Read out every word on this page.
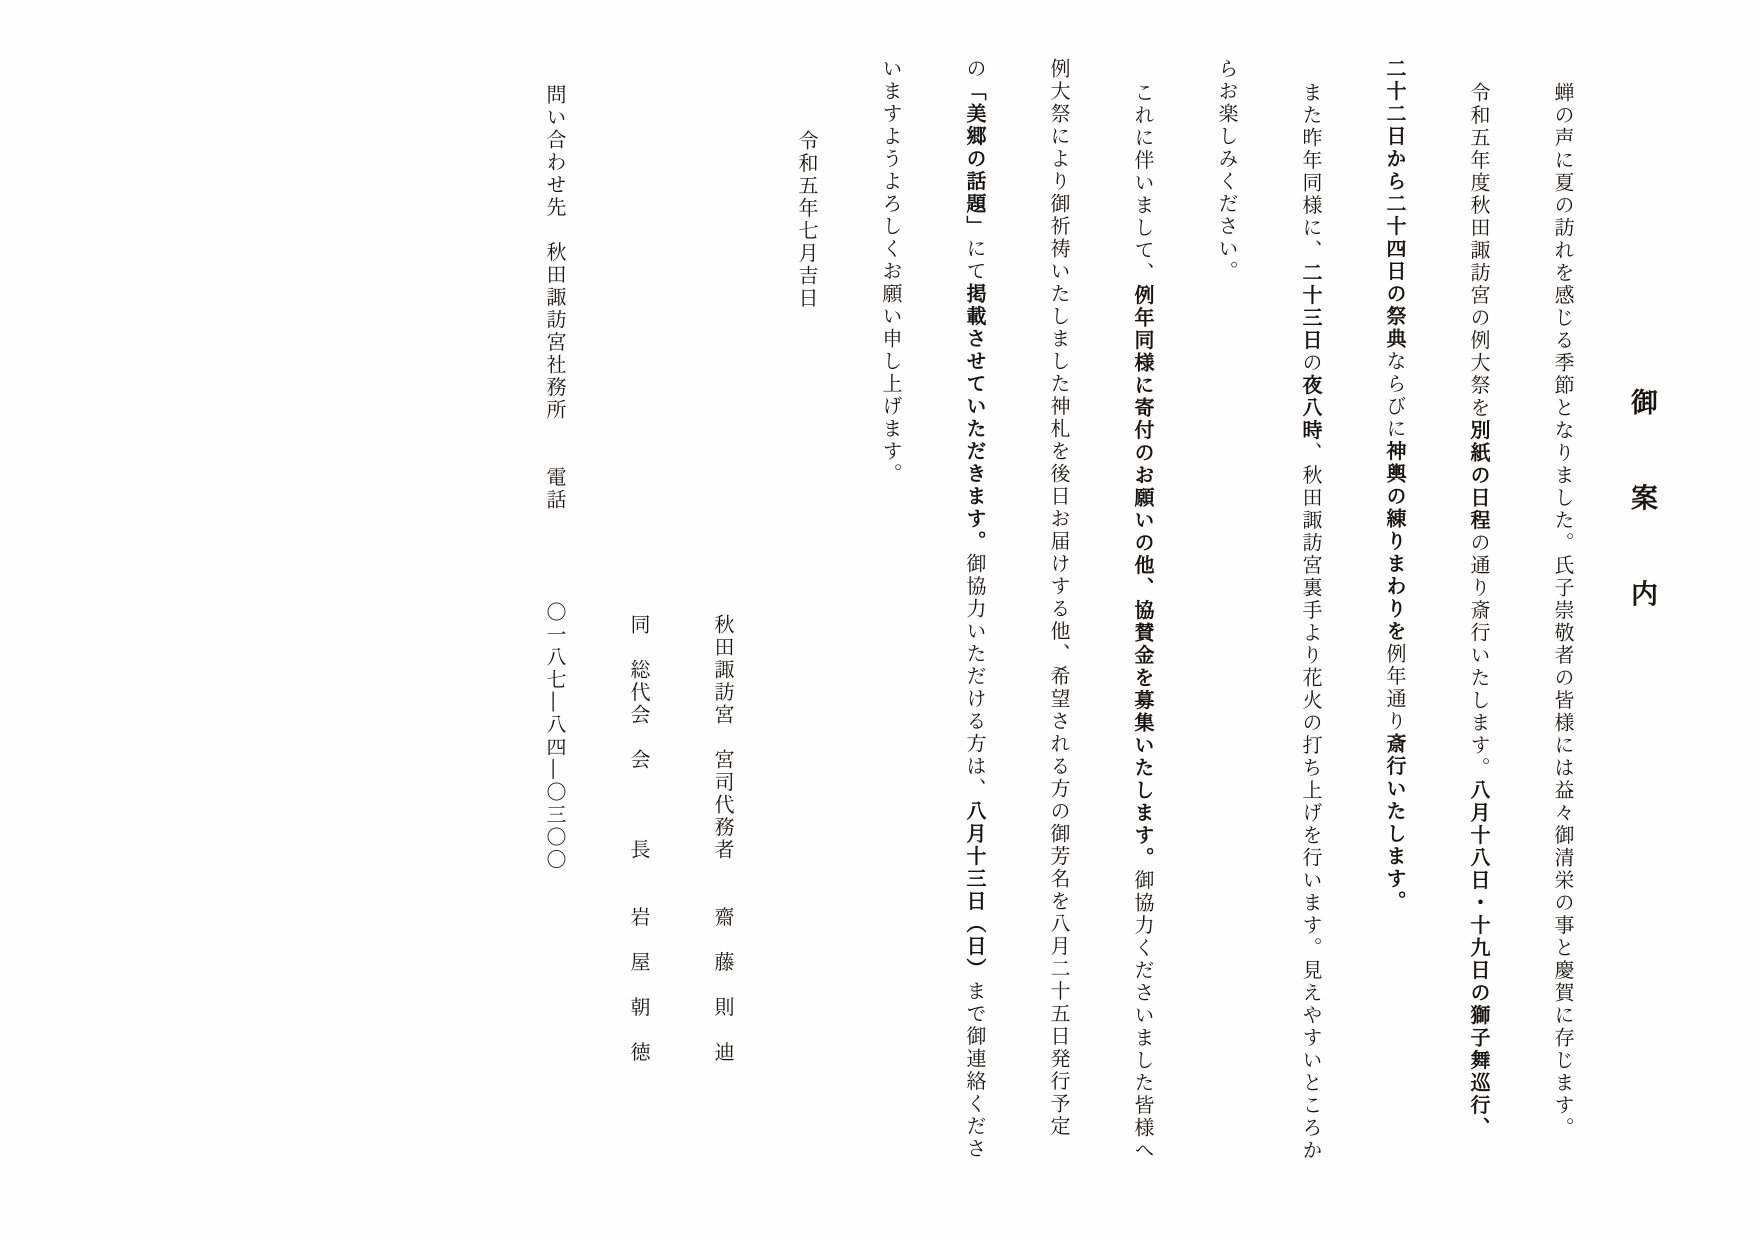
御案内

蝉の声に夏の訪れを感じる季節となりました。氏子崇敬者の皆様には益々御清栄の事と慶賀に存じます。

令和五年度秋田諏訪宮の例大祭を別紙の日程の通り斎行いたします。八月十八日・十九日の獅子舞巡行、

二十二日から二十四日の祭典ならびに神輿の練りまわりを例年通り斎行いたします。

また昨年同様に、二十三日の夜八時、秋田諏訪宮裏手より花火の打ち上げを行います。見えやすいところか

らお楽しみください。

これに伴いまして、例年同様に寄付のお願いの他、協賛金を募集いたします。御協力くださいました皆様へ

例大祭により御祈祷いたしました神札を後日お届けする他、希望される方の御芳名を八月二十五日発行予定

の「美郷の話題」にて掲載させていただきます。御協力いただける方は、八月十三日（日）まで御連絡くださ

いますようよろしくお願い申し上げます。

令和五年七月吉日

秋田諏訪宮　宮司代務者　　齋　藤　則　迪

同　総代会　会　　　長　　岩　屋　朝　徳

問い合わせ先　秋田諏訪宮社務所　　電話　　　　〇一八七―八四―〇三〇〇
